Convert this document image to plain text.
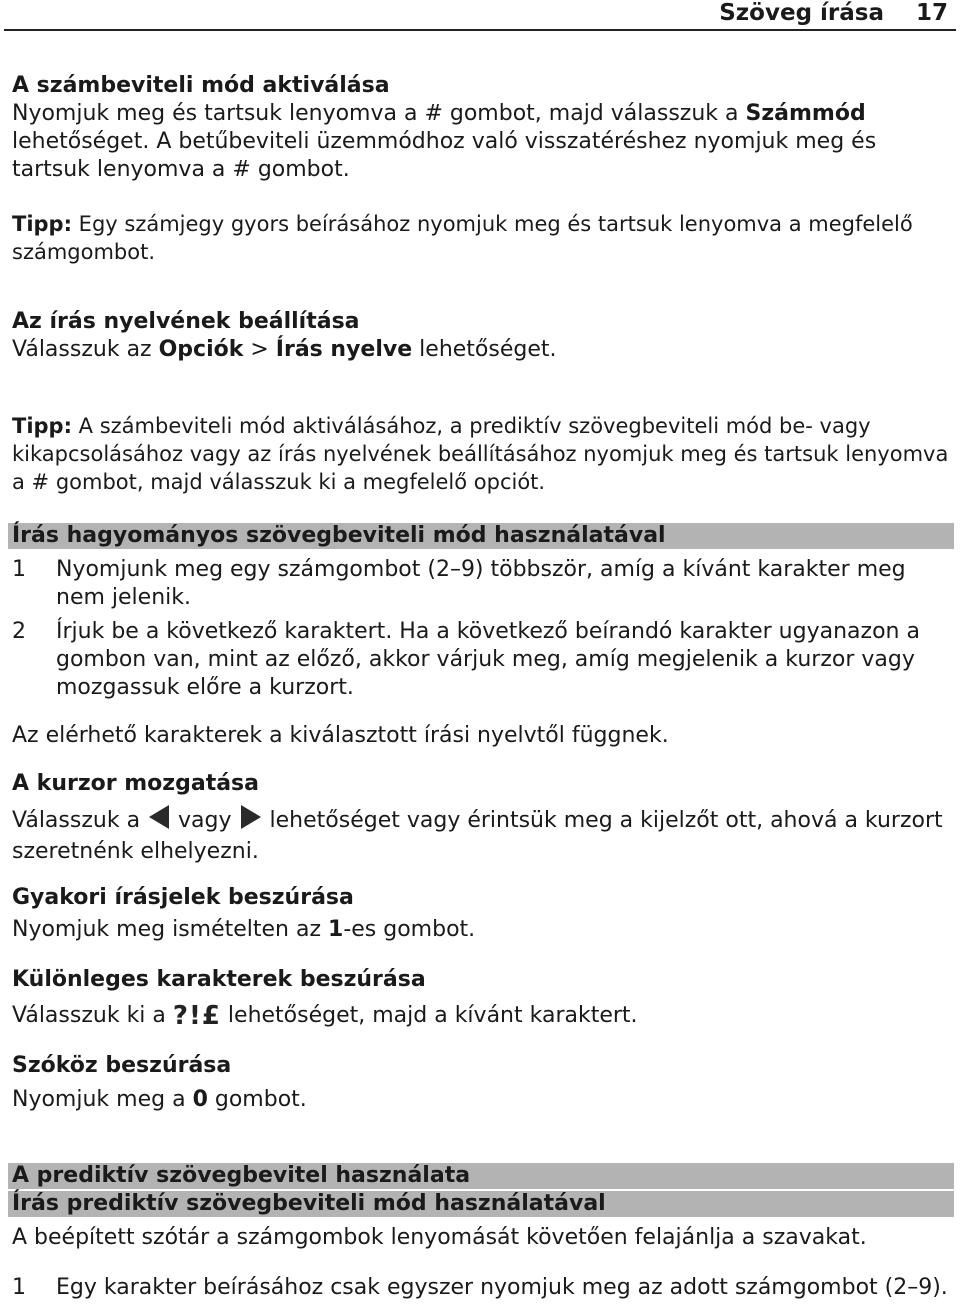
Szöveg írása 17

A számbeviteli mód aktiválása

Nyomjuk meg és tartsuk lenyomva a # gombot, majd válasszuk a Számmód lehetőséget. A betűbeviteli üzemmódhoz való visszatéréshez nyomjuk meg és tartsuk lenyomva a # gombot.

Tipp: Egy számjegy gyors beírásához nyomjuk meg és tartsuk lenyomva a megfelelő számgombot.

Az írás nyelvének beállítása

Válasszuk az Opciók > Írás nyelve lehetőséget.

Tipp: A számbeviteli mód aktiválásához, a prediktív szövegbeviteli mód be- vagy kikapcsolásához vagy az írás nyelvének beállításához nyomjuk meg és tartsuk lenyomva a # gombot, majd válasszuk ki a megfelelő opciót.

Írás hagyományos szövegbeviteli mód használatával
1	Nyomjunk meg egy számgombot (2–9) többször, amíg a kívánt karakter meg nem jelenik.

2	Írjuk be a következő karaktert. Ha a következő beírandó karakter ugyanazon a gombon van, mint az előző, akkor várjuk meg, amíg megjelenik a kurzor vagy mozgassuk előre a kurzort.

Az elérhető karakterek a kiválasztott írási nyelvtől függnek.

A kurzor mozgatása

Válasszuk a  vagy  lehetőséget vagy érintsük meg a kijelzőt ott, ahová a kurzort szeretnénk elhelyezni.

Gyakori írásjelek beszúrása

Nyomjuk meg ismételten az 1-es gombot.

Különleges karakterek beszúrása

Válasszuk ki a ?!£ lehetőséget, majd a kívánt karaktert.

Szóköz beszúrása

Nyomjuk meg a 0 gombot.

A prediktív szövegbevitel használata
Írás prediktív szövegbeviteli mód használatával

A beépített szótár a számgombok lenyomását követően felajánlja a szavakat.

1	Egy karakter beírásához csak egyszer nyomjuk meg az adott számgombot (2–9).
